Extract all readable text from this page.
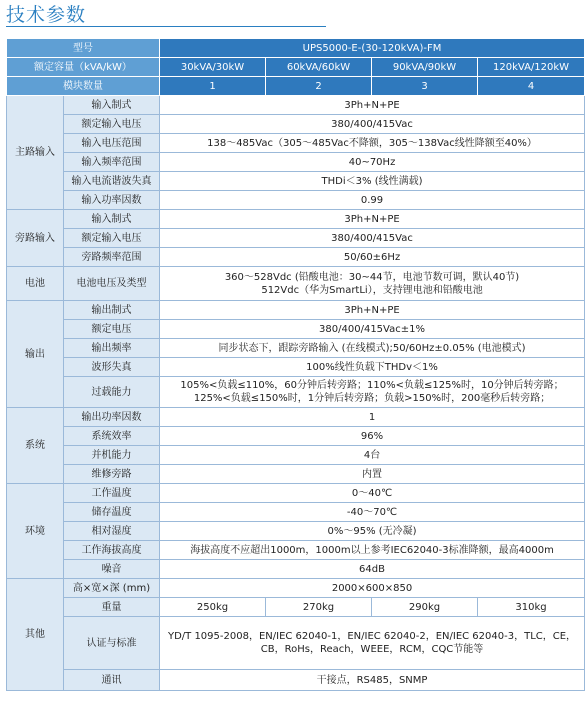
技术参数
型号		UPS5000-E-(30-120kVA)-FM			
额定容量（kVA/kW）		30kVA/30kW	60kVA/60kW	90kVA/90kW	120kVA/120kW
模块数量		1	2	3	4
主路输入	输入制式	3Ph+N+PE			
	额定输入电压	380/400/415Vac			
	输入电压范围	138～485Vac（305～485Vac不降额，305～138Vac线性降额至40%）			
	输入频率范围	40~70Hz			
	输入电流谐波失真	THDi＜3% (线性满载)			
	输入功率因数	0.99			
旁路输入	输入制式	3Ph+N+PE			
	额定输入电压	380/400/415Vac			
	旁路频率范围	50/60±6Hz			
电池	电池电压及类型	360～528Vdc (铅酸电池：30~44节，电池节数可调，默认40节)
512Vdc（华为SmartLi），支持锂电池和铅酸电池			

输出	输出制式	3Ph+N+PE			
	额定电压	380/400/415Vac±1%			
	输出频率	同步状态下，跟踪旁路输入 (在线模式);50/60Hz±0.05% (电池模式)			
	波形失真	100%线性负载下THDv＜1%			
	过载能力	105%<负载≤110%，60分钟后转旁路；110%<负载≤125%时，10分钟后转旁路；
125%<负载≤150%时，1分钟后转旁路；负载>150%时，200毫秒后转旁路；			

系统	输出功率因数	1			
	系统效率	96%			
	并机能力	4台			
	维修旁路	内置			
环境	工作温度	0～40℃			
	储存温度	-40～70℃			
	相对湿度	0%～95% (无冷凝)			
	工作海拔高度	海拔高度不应超出1000m，1000m以上参考IEC62040-3标准降额，最高4000m			
	噪音	64dB			
其他	高×宽×深 (mm)	2000×600×850			
	重量	250kg	270kg	290kg	310kg
	认证与标准	YD/T 1095-2008，EN/IEC 62040-1，EN/IEC 62040-2，EN/IEC 62040-3，TLC，CE，
CB，RoHs，Reach，WEEE，RCM，CQC节能等			

	通讯	干接点，RS485，SNMP			
